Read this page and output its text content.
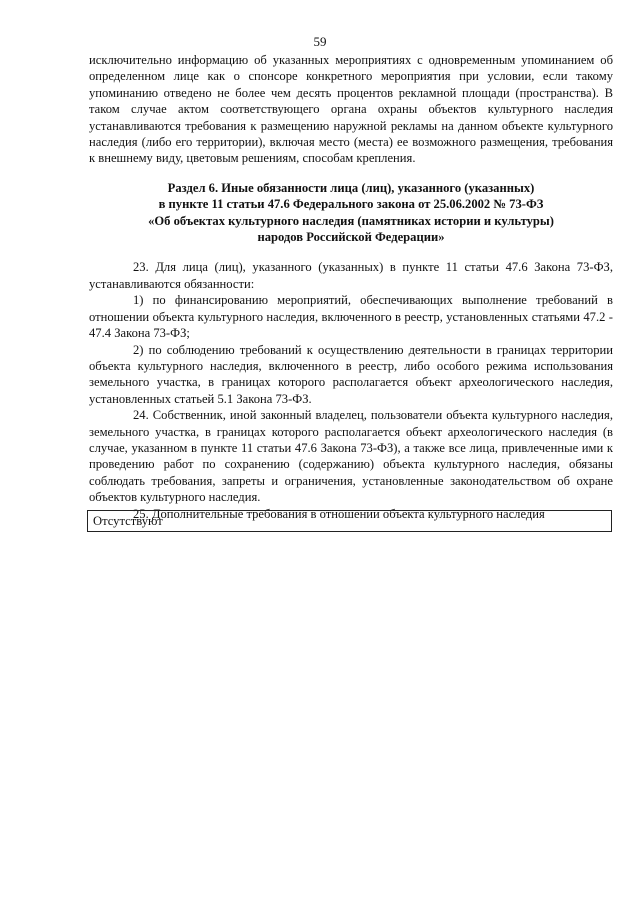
59

исключительно информацию об указанных мероприятиях с одновременным упоминанием об определенном лице как о спонсоре конкретного мероприятия при условии, если такому упоминанию отведено не более чем десять процентов рекламной площади (пространства). В таком случае актом соответствующего органа охраны объектов культурного наследия устанавливаются требования к размещению наружной рекламы на данном объекте культурного наследия (либо его территории), включая место (места) ее возможного размещения, требования к внешнему виду, цветовым решениям, способам крепления.

Раздел 6. Иные обязанности лица (лиц), указанного (указанных)
в пункте 11 статьи 47.6 Федерального закона от 25.06.2002 № 73-ФЗ
«Об объектах культурного наследия (памятниках истории и культуры)
народов Российской Федерации»

23. Для лица (лиц), указанного (указанных) в пункте 11 статьи 47.6 Закона 73-ФЗ, устанавливаются обязанности:

1) по финансированию мероприятий, обеспечивающих выполнение требований в отношении объекта культурного наследия, включенного в реестр, установленных статьями 47.2 - 47.4 Закона 73-ФЗ;

2) по соблюдению требований к осуществлению деятельности в границах территории объекта культурного наследия, включенного в реестр, либо особого режима использования земельного участка, в границах которого располагается объект археологического наследия, установленных статьей 5.1 Закона 73-ФЗ.

24. Собственник, иной законный владелец, пользователи объекта культурного наследия, земельного участка, в границах которого располагается объект археологического наследия (в случае, указанном в пункте 11 статьи 47.6 Закона 73-ФЗ), а также все лица, привлеченные ими к проведению работ по сохранению (содержанию) объекта культурного наследия, обязаны соблюдать требования, запреты и ограничения, установленные законодательством об охране объектов культурного наследия.

25. Дополнительные требования в отношении объекта культурного наследия

Отсутствуют
